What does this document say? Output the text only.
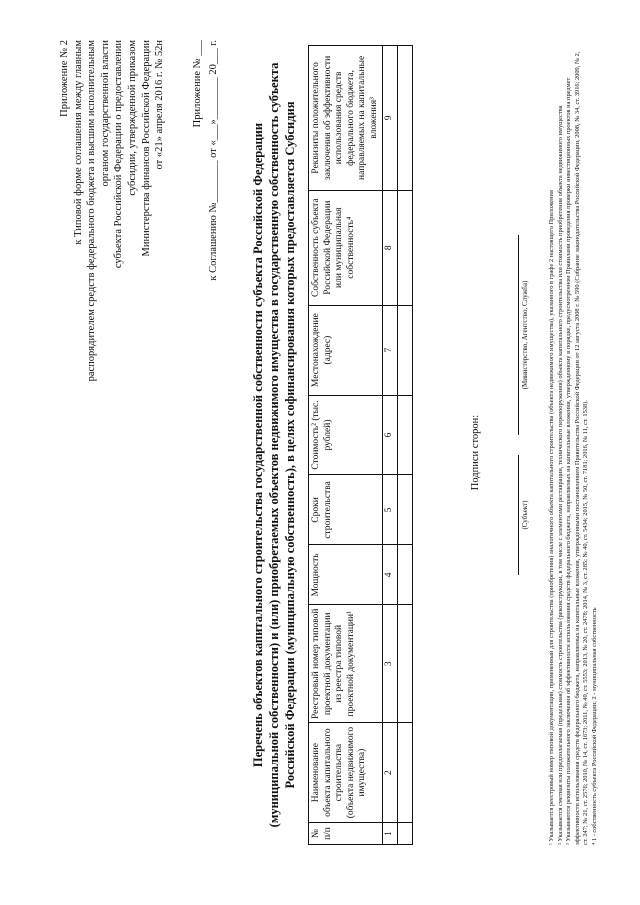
Приложение № 2 к Типовой форме соглашения между главным распорядителем средств федерального бюджета и высшим исполнительным органом государственной власти субъекта Российской Федерации о предоставлении субсидии, утвержденной приказом Министерства финансов Российской Федерации от «21» апреля 2016 г. № 52н	Приложение № ___ к Соглашению №________ от «___»________ 20___ г.	Перечень объектов капитального строительства государственной собственности субъекта Российской Федерации (муниципальной собственности) и (или) приобретаемых объектов недвижимого имущества в государственную собственность субъекта Российской Федерации (муниципальную собственность), в целях софинансирования которых предоставляется Субсидия
№ п/п	Наименование объекта капитального строительства (объекта недвижимого имущества)	Реестровый номер типовой проектной документации из реестра типовой проектной документации¹	Мощность	Сроки строительства	Стоимость² (тыс. рублей)	Местонахождение (адрес)	Собственность субъекта Российской Федерации или муниципальная собственность⁴	Реквизиты положительного заключения об эффективности использования средств федерального бюджета, направляемых на капитальные вложения³
1	2	3	4	5	6	7	8	9

Подписи сторон:
(Субъект)
(Министерство, Агентство, Служба)	¹ Указывается реестровый номер типовой документации, примененный для строительства (приобретения) аналогичного объекта капитального строительства (объекта недвижимого имущества), указанного в графе 2 настоящего Приложения ² Указывается сметная или предполагаемая (предельная) стоимость строительства (реконструкции, в том числе с элементами реставрации, технического перевооружения) объекта капитального строительства или стоимость приобретения объекта недвижимого имущества ³ Указываются реквизиты положительного заключения об эффективности использования средств федерального бюджета, направляемых на капитальные вложения, утвержденному в порядке, предусмотренном Правилами проведения проверки инвестиционных проектов на предмет эффективности использования средств федерального бюджета, направляемых на капитальные вложения, утвержденными постановлением Правительства Российской Федерации от 12 августа 2008 г. № 590 (Собрание законодательства Российской Федерации, 2008, № 34, ст. 3916; 2009, № 2, ст. 247; № 21, ст. 2576; 2010, № 14, ст. 1673; 2011, № 40, ст. 5553; 2013, № 20, ст. 2478; 2014, № 3, ст. 285; № 40, ст. 5434; 2015, № 50, ст. 7181; 2016, № 11, ст. 1538). ⁴ 1 - собственность субъекта Российской Федерации; 2 - муниципальная собственность
